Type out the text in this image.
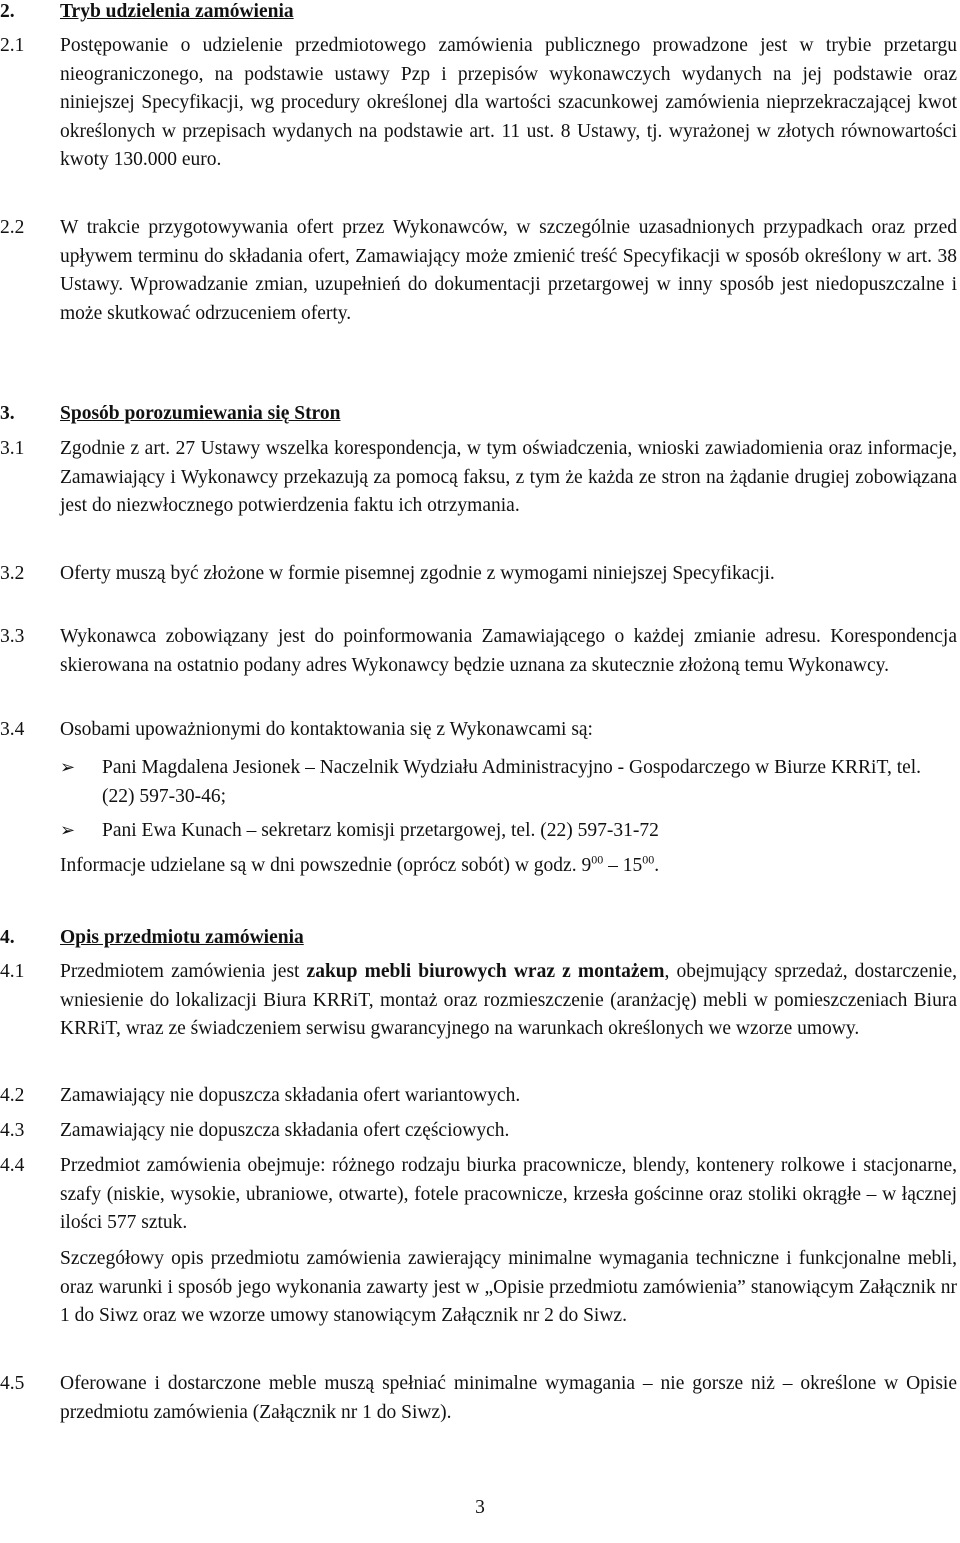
2.	Tryb udzielenia zamówienia
2.1	Postępowanie o udzielenie przedmiotowego zamówienia publicznego prowadzone jest w trybie przetargu nieograniczonego, na podstawie ustawy Pzp i przepisów wykonawczych wydanych na jej podstawie oraz niniejszej Specyfikacji, wg procedury określonej dla wartości szacunkowej zamówienia nieprzekraczającej kwot określonych w przepisach wydanych na podstawie art. 11 ust. 8 Ustawy, tj. wyrażonej w złotych równowartości kwoty 130.000 euro.
2.2	W trakcie przygotowywania ofert przez Wykonawców, w szczególnie uzasadnionych przypadkach oraz przed upływem terminu do składania ofert, Zamawiający może zmienić treść Specyfikacji w sposób określony w art. 38 Ustawy. Wprowadzanie zmian, uzupełnień do dokumentacji przetargowej w inny sposób jest niedopuszczalne i może skutkować odrzuceniem oferty.
3.	Sposób porozumiewania się Stron
3.1	Zgodnie z art. 27 Ustawy wszelka korespondencja, w tym oświadczenia, wnioski zawiadomienia oraz informacje, Zamawiający i Wykonawcy przekazują za pomocą faksu, z tym że każda ze stron na żądanie drugiej zobowiązana jest do niezwłocznego potwierdzenia faktu ich otrzymania.
3.2	Oferty muszą być złożone w formie pisemnej zgodnie z wymogami niniejszej Specyfikacji.
3.3	Wykonawca zobowiązany jest do poinformowania Zamawiającego o każdej zmianie adresu. Korespondencja skierowana na ostatnio podany adres Wykonawcy będzie uznana za skutecznie złożoną temu Wykonawcy.
3.4	Osobami upoważnionymi do kontaktowania się z Wykonawcami są:
➢	Pani Magdalena Jesionek – Naczelnik Wydziału Administracyjno - Gospodarczego w Biurze KRRiT, tel. (22) 597-30-46;
➢	Pani Ewa Kunach – sekretarz komisji przetargowej, tel. (22) 597-31-72
Informacje udzielane są w dni powszednie (oprócz sobót) w godz. $9^{00} - 15^{00}$.
4.	Opis przedmiotu zamówienia
4.1	Przedmiotem zamówienia jest zakup mebli biurowych wraz z montażem, obejmujący sprzedaż, dostarczenie, wniesienie do lokalizacji Biura KRRiT, montaż oraz rozmieszczenie (aranżację) mebli w pomieszczeniach Biura KRRiT, wraz ze świadczeniem serwisu gwarancyjnego na warunkach określonych we wzorze umowy.
4.2	Zamawiający nie dopuszcza składania ofert wariantowych.
4.3	Zamawiający nie dopuszcza składania ofert częściowych.
4.4	Przedmiot zamówienia obejmuje: różnego rodzaju biurka pracownicze, blendy, kontenery rolkowe i stacjonarne, szafy (niskie, wysokie, ubraniowe, otwarte), fotele pracownicze, krzesła gościnne oraz stoliki okrągłe – w łącznej ilości 577 sztuk.
Szczegółowy opis przedmiotu zamówienia zawierający minimalne wymagania techniczne i funkcjonalne mebli, oraz warunki i sposób jego wykonania zawarty jest w „Opisie przedmiotu zamówienia” stanowiącym Załącznik nr 1 do Siwz oraz we wzorze umowy stanowiącym Załącznik nr 2 do Siwz.
4.5	Oferowane i dostarczone meble muszą spełniać minimalne wymagania – nie gorsze niż – określone w Opisie przedmiotu zamówienia (Załącznik nr 1 do Siwz).
3
